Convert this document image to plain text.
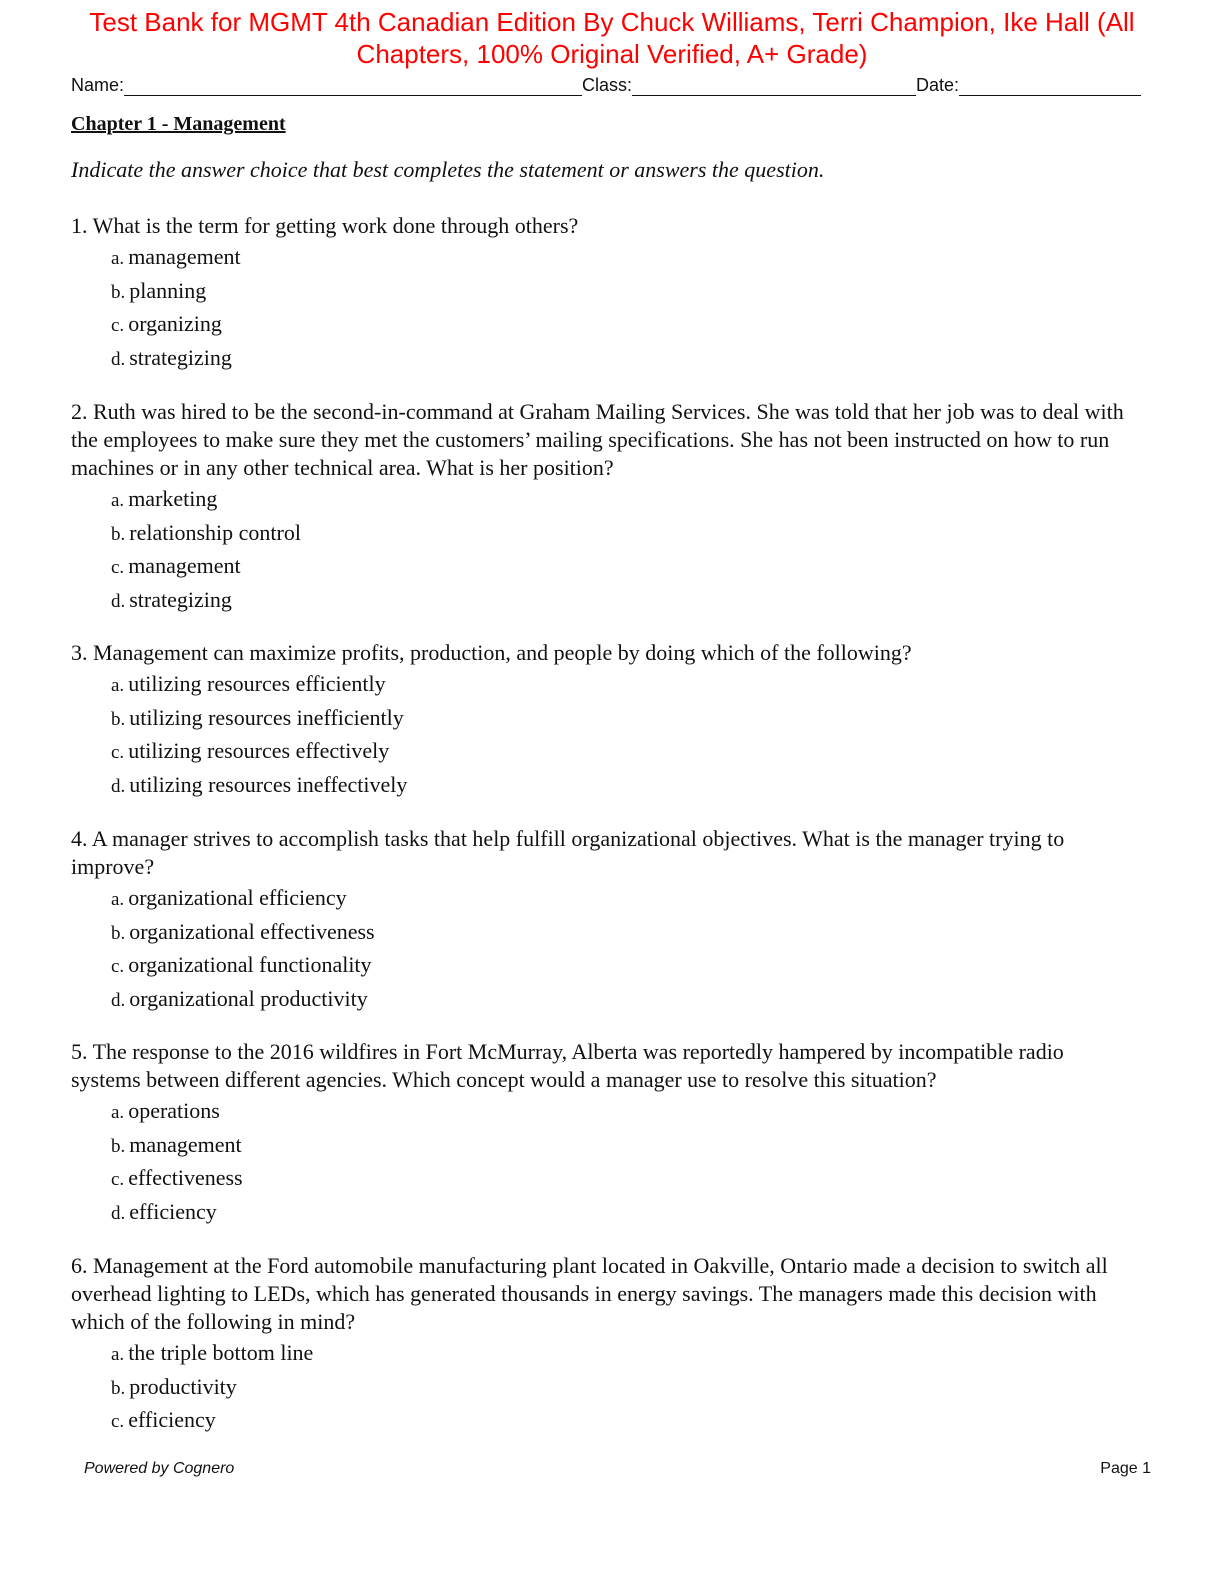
Test Bank for MGMT 4th Canadian Edition By Chuck Williams, Terri Champion, Ike Hall (All Chapters, 100% Original Verified, A+ Grade)
Name:	Class:	Date:
Chapter 1 - Management
Indicate the answer choice that best completes the statement or answers the question.

1. What is the term for getting work done through others?

a. management
b. planning
c. organizing
d. strategizing

2. Ruth was hired to be the second-in-command at Graham Mailing Services. She was told that her job was to deal with the employees to make sure they met the customers’ mailing specifications. She has not been instructed on how to run machines or in any other technical area. What is her position?

a. marketing
b. relationship control
c. management
d. strategizing

3. Management can maximize profits, production, and people by doing which of the following?

a. utilizing resources efficiently
b. utilizing resources inefficiently
c. utilizing resources effectively
d. utilizing resources ineffectively

4. A manager strives to accomplish tasks that help fulfill organizational objectives. What is the manager trying to improve?

a. organizational efficiency
b. organizational effectiveness
c. organizational functionality
d. organizational productivity

5. The response to the 2016 wildfires in Fort McMurray, Alberta was reportedly hampered by incompatible radio systems between different agencies. Which concept would a manager use to resolve this situation?

a. operations
b. management
c. effectiveness
d. efficiency

6. Management at the Ford automobile manufacturing plant located in Oakville, Ontario made a decision to switch all overhead lighting to LEDs, which has generated thousands in energy savings. The managers made this decision with which of the following in mind?

a. the triple bottom line
b. productivity
c. efficiency
Powered by Cognero	Page 1
